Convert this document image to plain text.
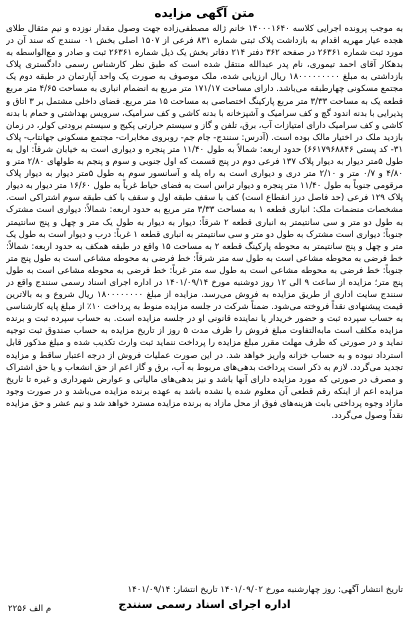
متن آگهی مزایده

به موجب پرونده اجرایی کلاسه ۱۴۰۰۰۱۶۴۰ خانم ژاله مصطفی‌زاده جهت وصول مقدار نوزده و نیم مثقال طلای هجده عیار مهریه اقدام به بازداشت پلاک ثبتی شماره ۸۳۱ فرعی از ۱۵۰۷ اصلی بخش ۰۱ سنندج که سند آن در مورد ثبت شماره ۲۶۳۶۱ در صفحه ۳۶۲ دفتر ۲۱۴ دفاتر بخش یک ذیل شماره ۲۶۳۶۱ ثبت و صادر و مع‌الواسطه به بدهکار آقای احمد تیموری، نام پدر عبدالله منتقل شده است که طبق نظر کارشناس رسمی دادگستری پلاک بازداشتی به مبلغ ۱۸۰۰۰۰۰۰۰۰۰ ریال ارزیابی شده، ملک موصوف به صورت یک واحد آپارتمان در طبقه دوم یک مجتمع مسکونی چهارطبقه می‌باشد. دارای مساحت ۱۷۱/۱۷ متر مربع به انضمام انباری به مساحت ۴/۶۵ متر مربع قطعه یک به مساحت ۳/۳۳ متر مربع پارکینگ اختصاصی به مساحت ۱۵ متر مربع. فضای داخلی مشتمل بر ۳ اتاق و پذیرایی با بدنه اندود گچ و کف سرامیک و آشپزخانه با بدنه کاشی و کف سرامیک، سرویس بهداشتی و حمام با بدنه کاشی و کف سرامیک دارای امتیازات آب، برق، تلفن و گاز و سیستم حرارتی پکیج و سیستم برودتی کولر، در زمان بازدید ملک در اختیار مالک بوده است. (آدرس: سنندج- جام جم- روبروی مخابرات- مجتمع مسکونی جهانتاب- پلاک ۳۱- کد پستی ۶۶۱۷۹۶۸۸۴۶) حدود اربعه: شمالاً به طول ۱۱/۴۰ متر پنجره و دیواری است به خیابان شرقاً: اول به طول ۵متر دیوار به دیوار پلاک ۱۳۷ فرعی دوم در پنج قسمت که اول جنوبی و سوم و پنجم به طولهای ۲/۸۰ متر و ۴/۸۰ و ۰/۷ متر و ۲/۱۰ متر دری و دیواری است به راه پله و آسانسور سوم به طول ۵متر دیوار به دیوار پلاک مرقومی جنوباً به طول ۱۱/۴۰ متر پنجره و دیوار تراس است به فضای حیاط غرباً به طول ۱۶/۶۰ متر دیوار به دیوار پلاک ۱۲۹ فرعی (حد فاصل درز انقطاع است) کف با سقف طبقه اول و سقف با کف طبقه سوم اشتراکی است. مشخصات منضمات ملک: انباری قطعه ۱ به مساحت ۳/۳۳ متر مربع به حدود اربعه: شمالاً: دیواری است مشترک به طول دو متر و سی سانتیمتر به انباری قطعه ۲ شرقاً: دیوار به دیوار به طول یک متر و چهل و پنج سانتیمتر جنوباً: دیواری است مشترک به طول دو متر و سی سانتیمتر به انباری قطعه ۱ غرباً: درب و دیوار است به طول یک متر و چهل و پنج سانتیمتر به محوطه پارکینگ قطعه ۲ به مساحت ۱۵ واقع در طبقه همکف به حدود اربعه: شمالاً: خط فرضی به محوطه مشاعی است به طول سه متر شرقاً: خط فرضی به محوطه مشاعی است به طول پنج متر جنوباً: خط فرضی به محوطه مشاعی است به طول سه متر غرباً: خط فرضی به محوطه مشاعی است به طول پنج متر؛ مزایده از ساعت ۹ الی ۱۲ روز دوشنبه مورخ ۱۴۰۱/۰۹/۱۴ در اداره اجرای اسناد رسمی سنندج واقع در سنندج سایت اداری از طریق مزایده به فروش می‌رسد. مزایده از مبلغ ۱۸۰۰۰۰۰۰۰۰ ریال شروع و به بالاترین قیمت پیشنهادی نقداً فروخته می‌شود. ضمناً شرکت در جلسه مزایده منوط به پرداخت ۱۰٪ از مبلغ پایه کارشناسی به حساب سپرده ثبت و حضور خریدار یا نماینده قانونی او در جلسه مزایده است. به حساب سپرده ثبت و برنده مزایده مکلف است مابه‌التفاوت مبلغ فروش را ظرف مدت ۵ روز از تاریخ مزایده به حساب صندوق ثبت توجیه نماید و در صورتی که ظرف مهلت مقرر مبلغ مزایده را پرداخت ننماید ثبت وارث تکذیب شده و مبلغ مذکور قابل استرداد نبوده و به حساب خزانه واریز خواهد شد. در این صورت عملیات فروش از درجه اعتبار ساقط و مزایده تجدید می‌گردد. لازم به ذکر است پرداخت بدهی‌های مربوط به آب، برق و گاز اعم از حق انشعاب و یا حق اشتراک و مصرف در صورتی که مورد مزایده دارای آنها باشد و نیز بدهی‌های مالیاتی و عوارض شهرداری و غیره تا تاریخ مزایده اعم از اینکه رقم قطعی آن معلوم شده یا نشده باشد به عهده برنده مزایده می‌باشد و در صورت وجود مازاد وجوه پرداختی بابت هزینه‌های فوق از محل مازاد به برنده مزایده مسترد خواهد شد و نیم عشر و حق مزایده نقداً وصول می‌گردد.

تاریخ انتشار آگهی: روز چهارشنبه مورخ ۱۴۰۱/۰۹/۰۲ تاریخ انتشار: ۱۴۰۱/۰۹/۱۴

اداره اجرای اسناد رسمی سنندج
م الف ۲۲۵۶
